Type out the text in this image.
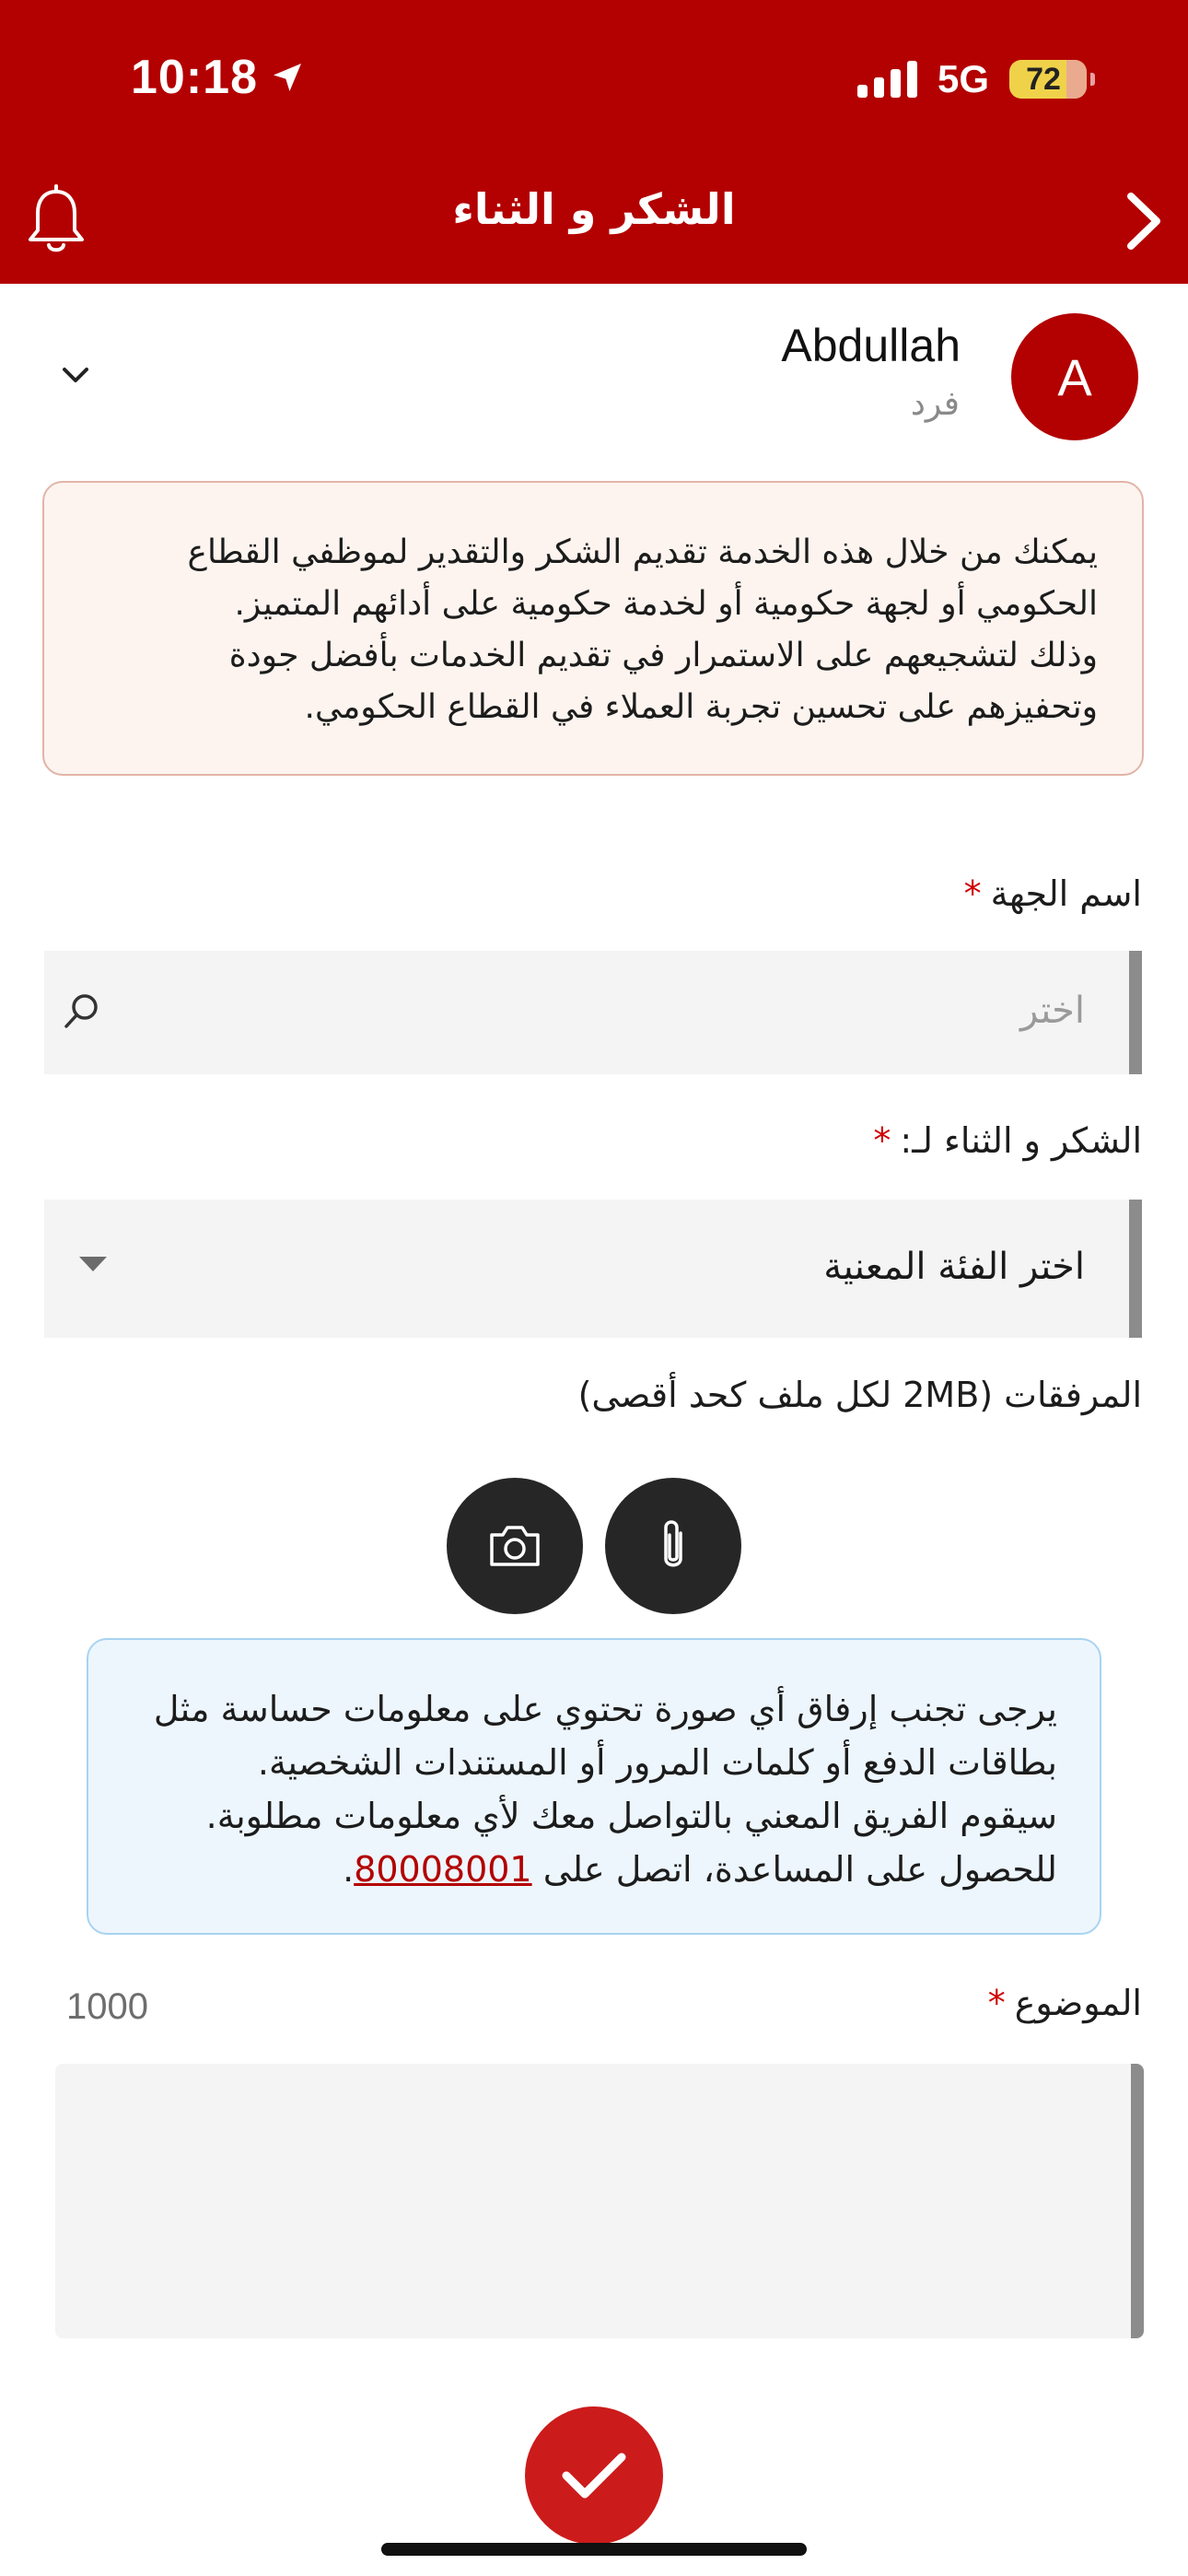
10:18	5G 72
الشكر و الثناء
A
Abdullah
فرد
يمكنك من خلال هذه الخدمة تقديم الشكر والتقدير لموظفي القطاع
الحكومي أو لجهة حكومية أو لخدمة حكومية على أدائهم المتميز.
وذلك لتشجيعهم على الاستمرار في تقديم الخدمات بأفضل جودة
وتحفيزهم على تحسين تجربة العملاء في القطاع الحكومي.
اسم الجهة*
اختر
الشكر و الثناء لـ:*
اختر الفئة المعنية
المرفقات (2MB لكل ملف كحد أقصى)
يرجى تجنب إرفاق أي صورة تحتوي على معلومات حساسة مثل
بطاقات الدفع أو كلمات المرور أو المستندات الشخصية.
سيقوم الفريق المعني بالتواصل معك لأي معلومات مطلوبة.
للحصول على المساعدة، اتصل على 80008001.
الموضوع*
1000
